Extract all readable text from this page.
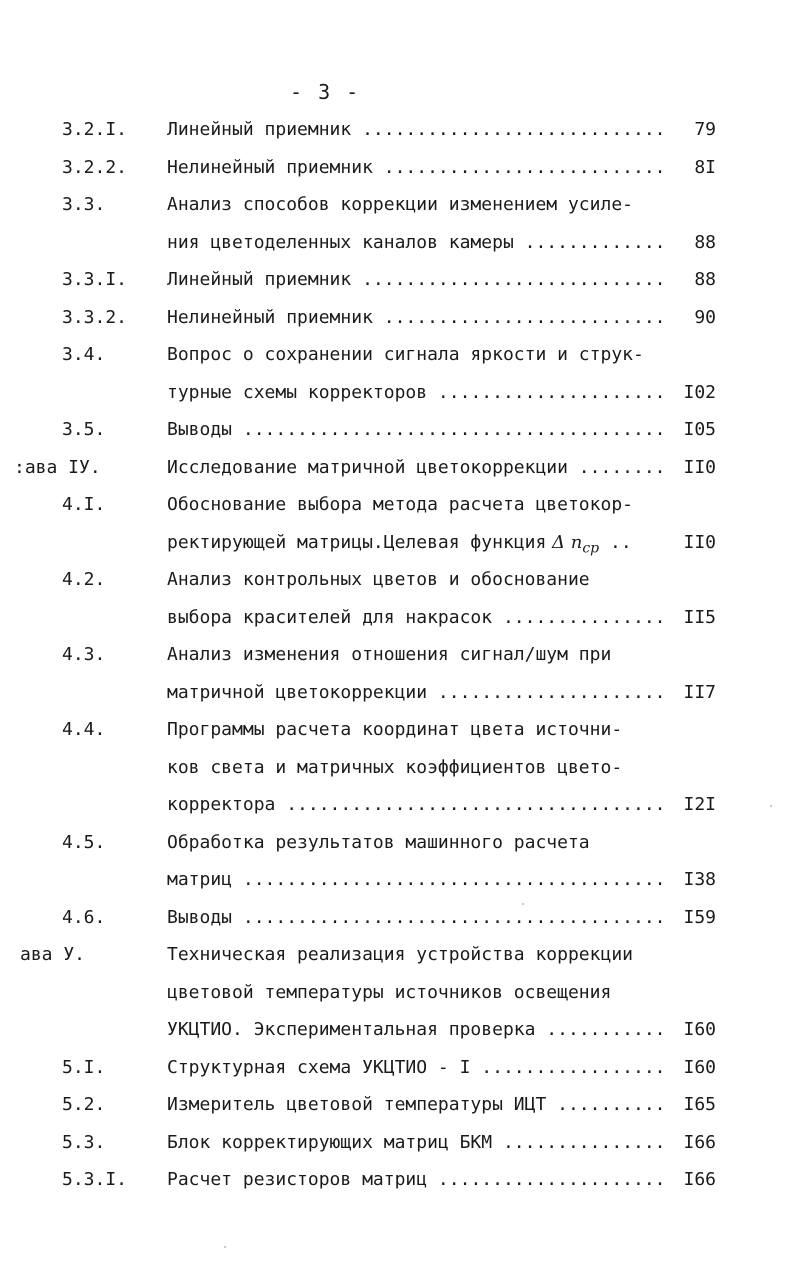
- 3 -
3.2.I. Линейный приемник .....	79
3.2.2. Нелинейный приемник .....	8I
3.3.	Анализ способов коррекции изменением усиле-
ния цветоделенных каналов камеры .....	88
3.3.I. Линейный приемник .....	88
3.3.2. Нелинейный приемник .....	90
3.4.	Вопрос о сохранении сигнала яркости и струк-
турные схемы корректоров .....	I02
3.5.	Выводы .....	I05
:ава IУ.	Исследование матричной цветокоррекции .....	II0
4.I.	Обоснование выбора метода расчета цветокор-
ректирующей матрицы.Целевая функция Δ $n_{ср}$ ..	II0
4.2.	Анализ контрольных цветов и обоснование
выбора красителей для накрасок .....	II5
4.3.	Анализ изменения отношения сигнал/шум при
матричной цветокоррекции .....	II7
4.4.	Программы расчета координат цвета источни-
ков света и матричных коэффициентов цвето-
корректора .....	I2I
4.5.	Обработка результатов машинного расчета
матриц .....	I38
4.6.	Выводы .....	I59
ава У.	Техническая реализация устройства коррекции
цветовой температуры источников освещения
УКЦТИО. Экспериментальная проверка .....	I60
5.I.	Структурная схема УКЦТИО - I .....	I60
5.2.	Измеритель цветовой температуры ИЦТ .....	I65
5.3.	Блок корректирующих матриц БКМ .....	I66
5.3.I. Расчет резисторов матриц .....	I66
